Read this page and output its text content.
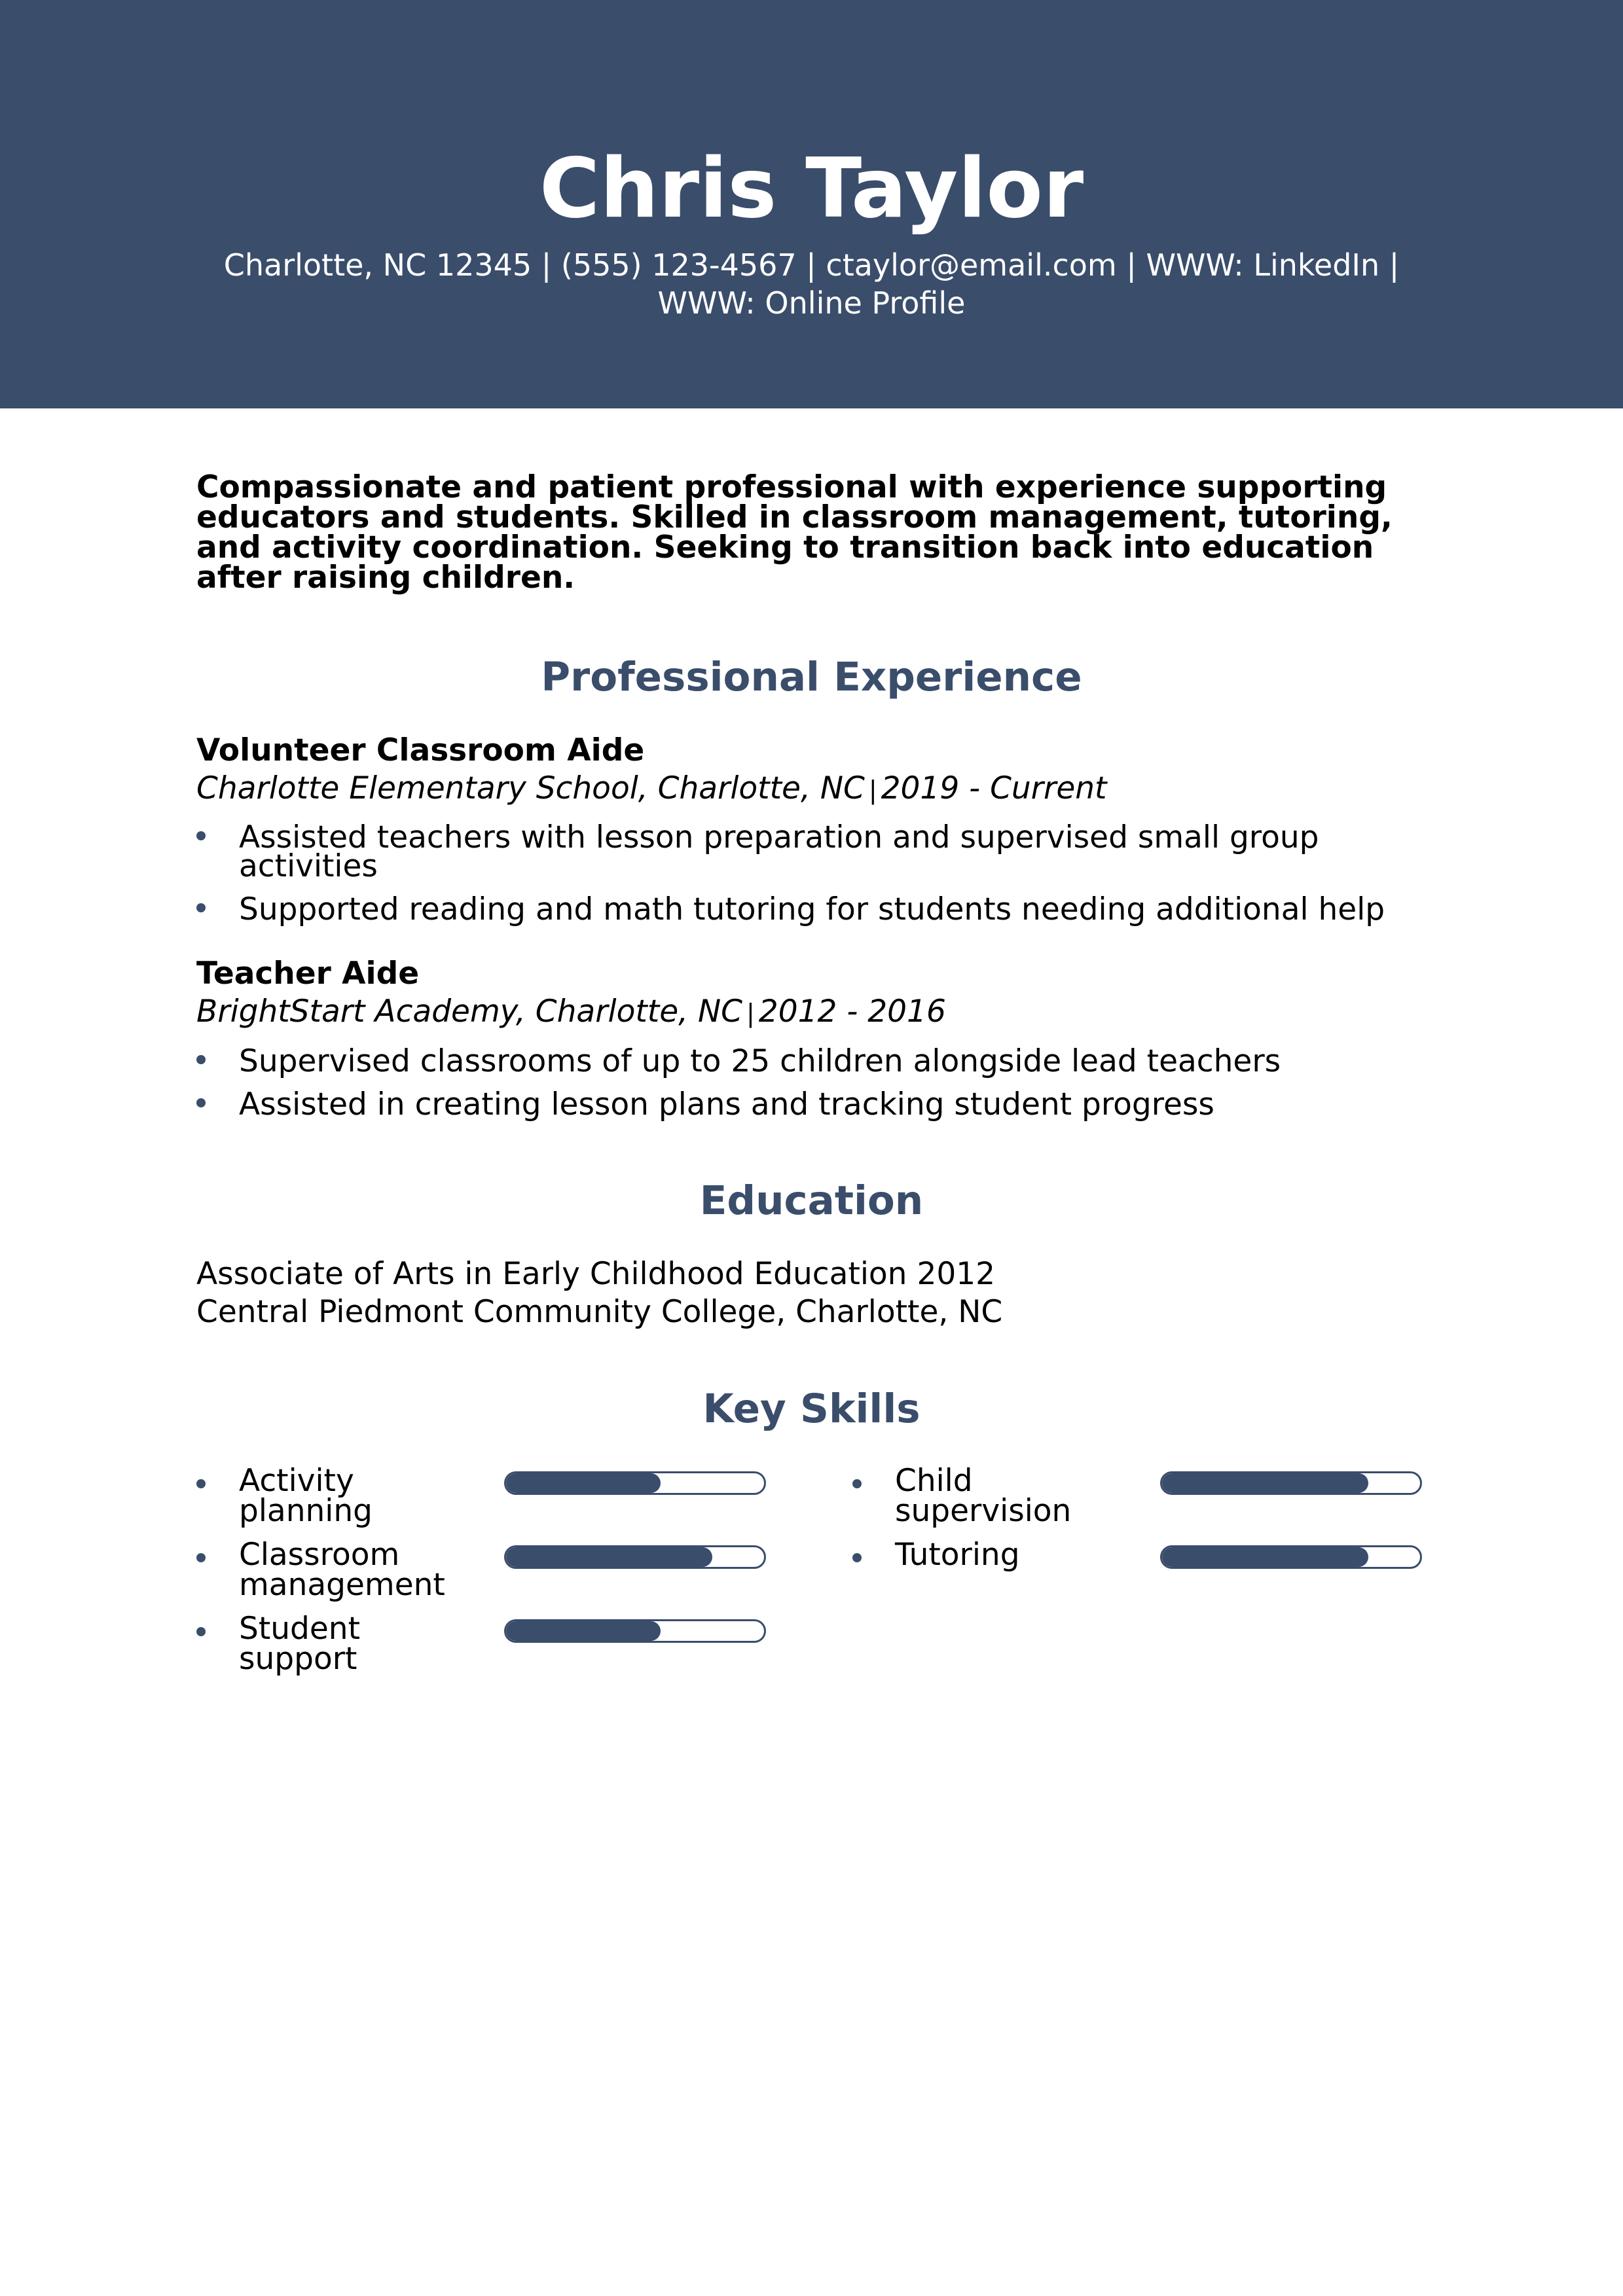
Chris Taylor
Charlotte, NC 12345 | (555) 123-4567 | ctaylor@email.com | WWW: LinkedIn |
WWW: Online Profile
Compassionate and patient professional with experience supporting educators and students. Skilled in classroom management, tutoring, and activity coordination. Seeking to transition back into education after raising children.
Professional Experience
Volunteer Classroom Aide
Charlotte Elementary School, Charlotte, NC | 2019 - Current
Assisted teachers with lesson preparation and supervised small group activities
Supported reading and math tutoring for students needing additional help
Teacher Aide
BrightStart Academy, Charlotte, NC | 2012 - 2016
Supervised classrooms of up to 25 children alongside lead teachers
Assisted in creating lesson plans and tracking student progress
Education
Associate of Arts in Early Childhood Education 2012
Central Piedmont Community College, Charlotte, NC
Key Skills
Activity planning
Child supervision
Classroom management
Tutoring
Student support
